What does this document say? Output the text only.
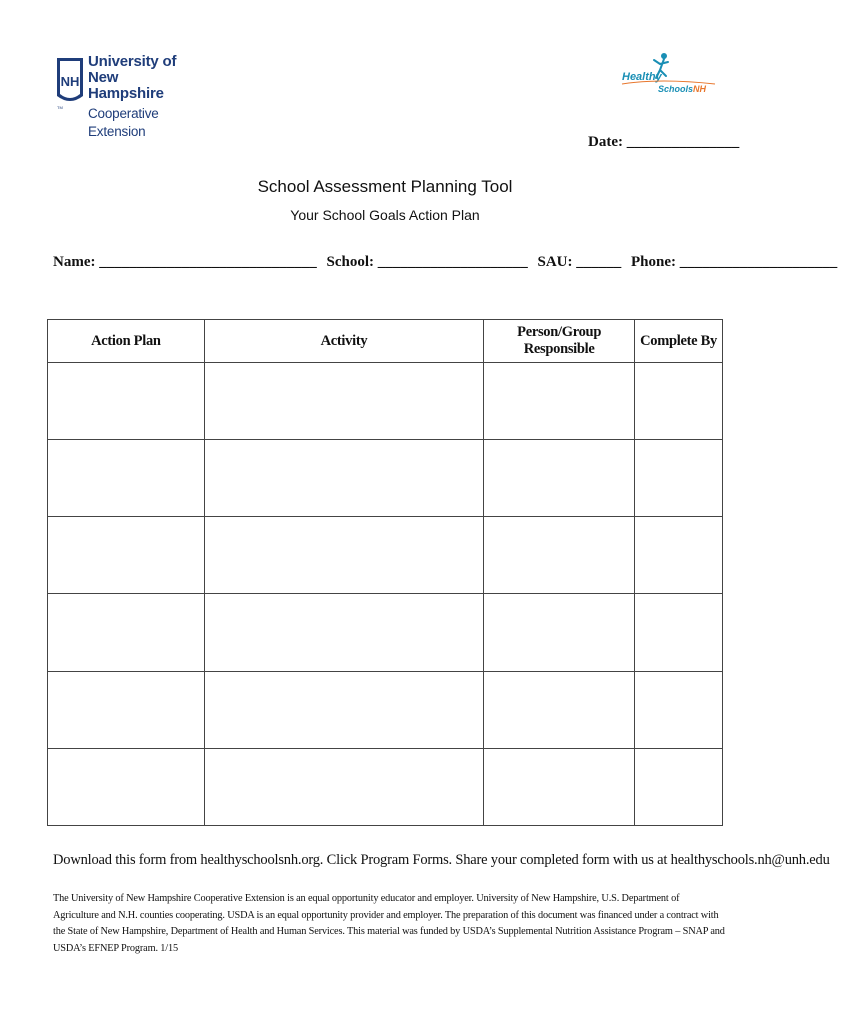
NH
TM
University of
New Hampshire
Cooperative Extension
Healthy
Schools NH
Date: _______________
School Assessment Planning Tool
Your School Goals Action Plan
Name: _____________________________ School: ____________________ SAU: ______ Phone: _____________________
Action Plan	Activity	Person/Group Responsible	Complete By

Download this form from healthyschoolsnh.org. Click Program Forms. Share your completed form with us at healthyschools.nh@unh.edu
The University of New Hampshire Cooperative Extension is an equal opportunity educator and employer. University of New Hampshire, U.S. Department of Agriculture and N.H. counties cooperating. USDA is an equal opportunity provider and employer. The preparation of this document was financed under a contract with the State of New Hampshire, Department of Health and Human Services. This material was funded by USDA’s Supplemental Nutrition Assistance Program – SNAP and USDA’s EFNEP Program. 1/15
